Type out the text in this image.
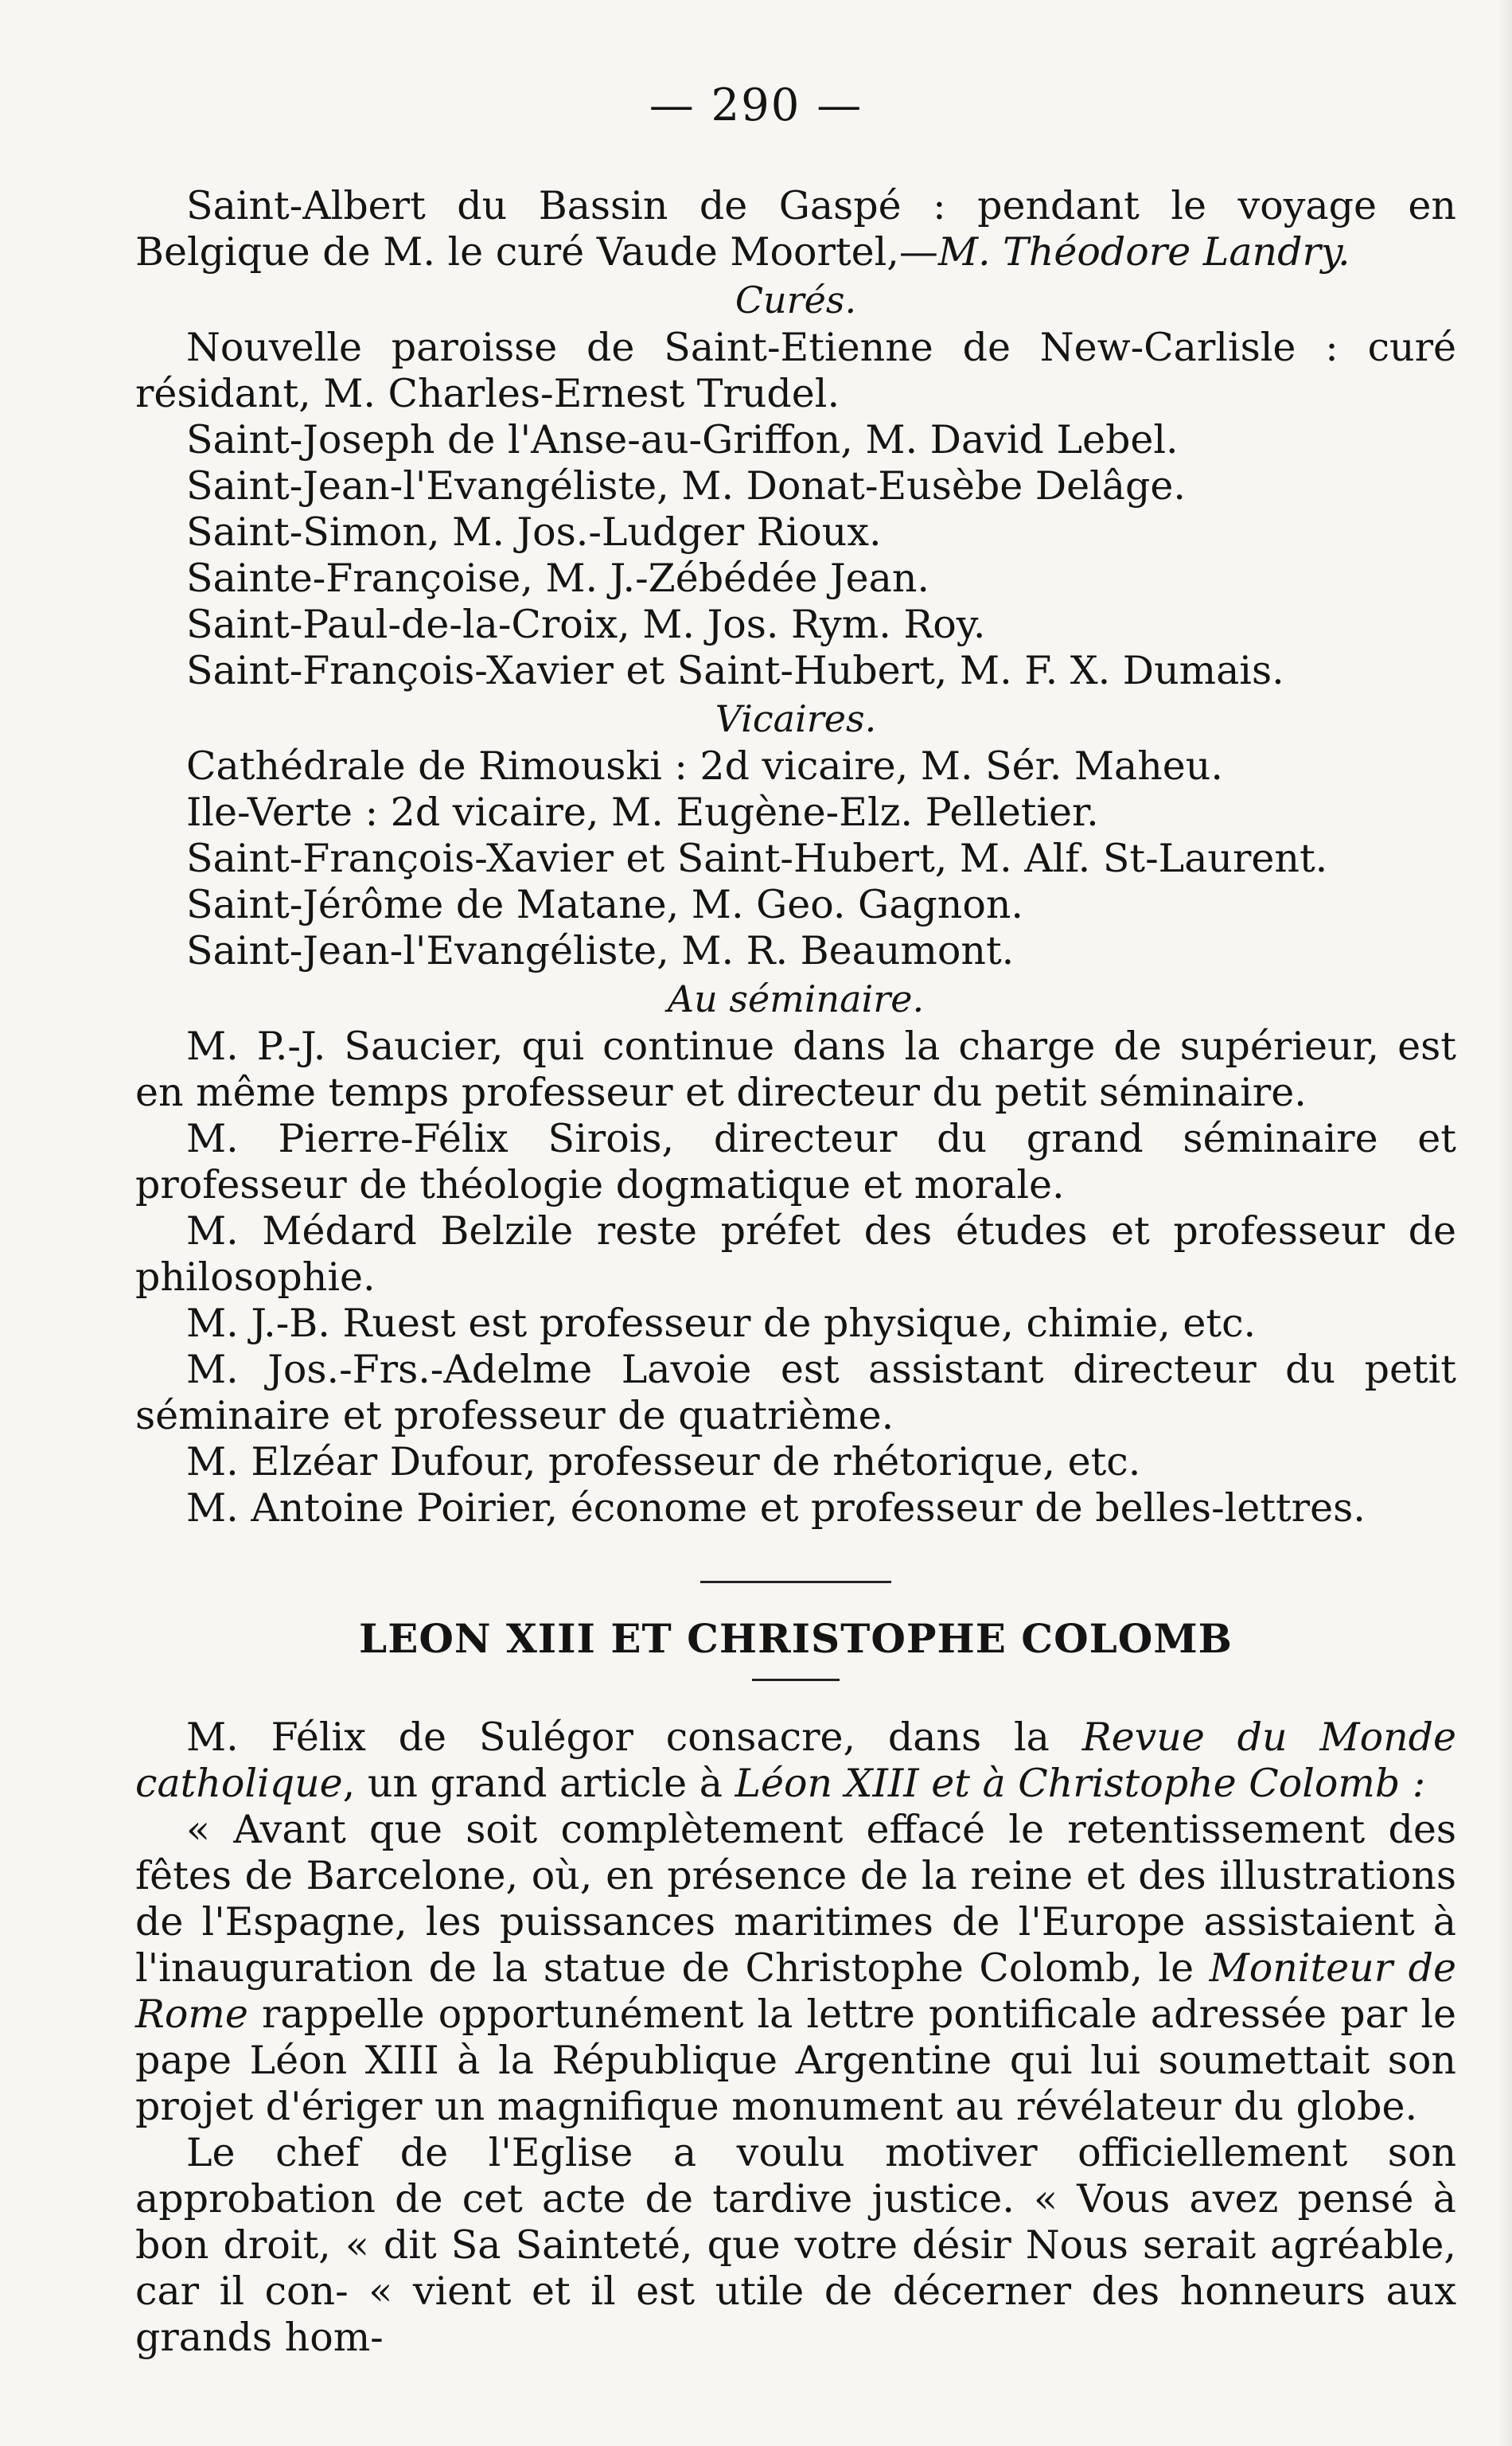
— 290 —

Saint-Albert du Bassin de Gaspé : pendant le voyage en Belgique de M. le curé Vaude Moortel,—M. Théodore Landry.

Curés.

Nouvelle paroisse de Saint-Etienne de New-Carlisle : curé résidant, M. Charles-Ernest Trudel.

Saint-Joseph de l'Anse-au-Griffon, M. David Lebel.
Saint-Jean-l'Evangéliste, M. Donat-Eusèbe Delâge.
Saint-Simon, M. Jos.-Ludger Rioux.
Sainte-Françoise, M. J.-Zébédée Jean.
Saint-Paul-de-la-Croix, M. Jos. Rym. Roy.
Saint-François-Xavier et Saint-Hubert, M. F. X. Dumais.
Vicaires.
Cathédrale de Rimouski : 2d vicaire, M. Sér. Maheu.
Ile-Verte : 2d vicaire, M. Eugène-Elz. Pelletier.
Saint-François-Xavier et Saint-Hubert, M. Alf. St-Laurent.
Saint-Jérôme de Matane, M. Geo. Gagnon.
Saint-Jean-l'Evangéliste, M. R. Beaumont.
Au séminaire.

M. P.-J. Saucier, qui continue dans la charge de supérieur, est en même temps professeur et directeur du petit séminaire.

M. Pierre-Félix Sirois, directeur du grand séminaire et professeur de théologie dogmatique et morale.

M. Médard Belzile reste préfet des études et professeur de philosophie.

M. J.-B. Ruest est professeur de physique, chimie, etc.

M. Jos.-Frs.-Adelme Lavoie est assistant directeur du petit séminaire et professeur de quatrième.

M. Elzéar Dufour, professeur de rhétorique, etc.

M. Antoine Poirier, économe et professeur de belles-lettres.

LEON XIII ET CHRISTOPHE COLOMB

M. Félix de Sulégor consacre, dans la Revue du Monde catholique, un grand article à Léon XIII et à Christophe Colomb :

« Avant que soit complètement effacé le retentissement des fêtes de Barcelone, où, en présence de la reine et des illustrations de l'Espagne, les puissances maritimes de l'Europe assistaient à l'inauguration de la statue de Christophe Colomb, le Moniteur de Rome rappelle opportunément la lettre pontificale adressée par le pape Léon XIII à la République Argentine qui lui soumettait son projet d'ériger un magnifique monument au révélateur du globe.

Le chef de l'Eglise a voulu motiver officiellement son approbation de cet acte de tardive justice. « Vous avez pensé à bon droit, « dit Sa Sainteté, que votre désir Nous serait agréable, car il con- « vient et il est utile de décerner des honneurs aux grands hom-
